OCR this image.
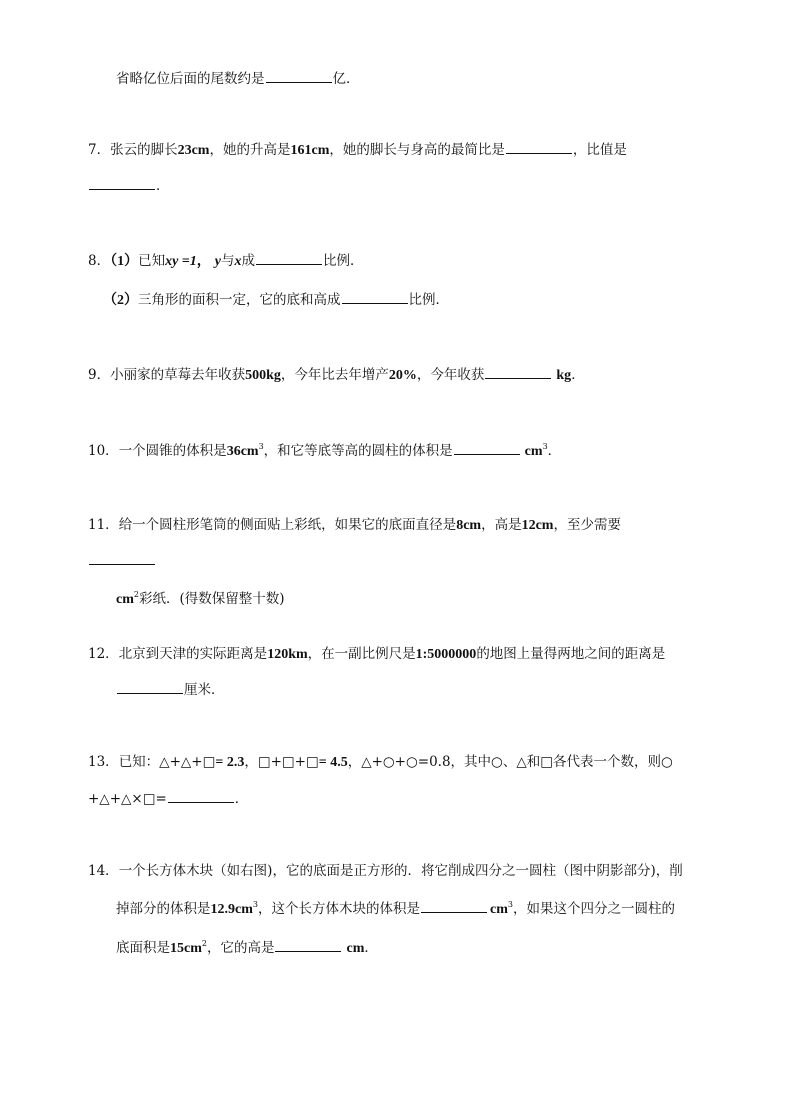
省略亿位后面的尾数约是	亿．
7．张云的脚长23cm，她的升高是161cm，她的脚长与身高的最简比是	，比值是
．
8．（1）已知xy =1， y与x成	比例．
（2）三角形的面积一定，它的底和高成	比例．
9．小丽家的草莓去年收获500kg，今年比去年增产20%，今年收获	kg．
10．一个圆锥的体积是$36cm^3$，和它等底等高的圆柱的体积是	$cm^3$．
11．给一个圆柱形笔筒的侧面贴上彩纸，如果它的底面直径是8cm，高是12cm，至少需要
$cm^2$彩纸．(得数保留整十数)
12．北京到天津的实际距离是120km，在一副比例尺是1:5000000的地图上量得两地之间的距离是
厘米．
13．已知：△+△+□= 2.3，□+□+□= 4.5，△+○+○=0.8，其中○、△和□各代表一个数，则○
+△+△×□=	．
14．一个长方体木块（如右图)，它的底面是正方形的．将它削成四分之一圆柱（图中阴影部分)，削
掉部分的体积是$12.9cm^3$，这个长方体木块的体积是	$cm^3$，如果这个四分之一圆柱的
底面积是$15cm^2$，它的高是	cm．
